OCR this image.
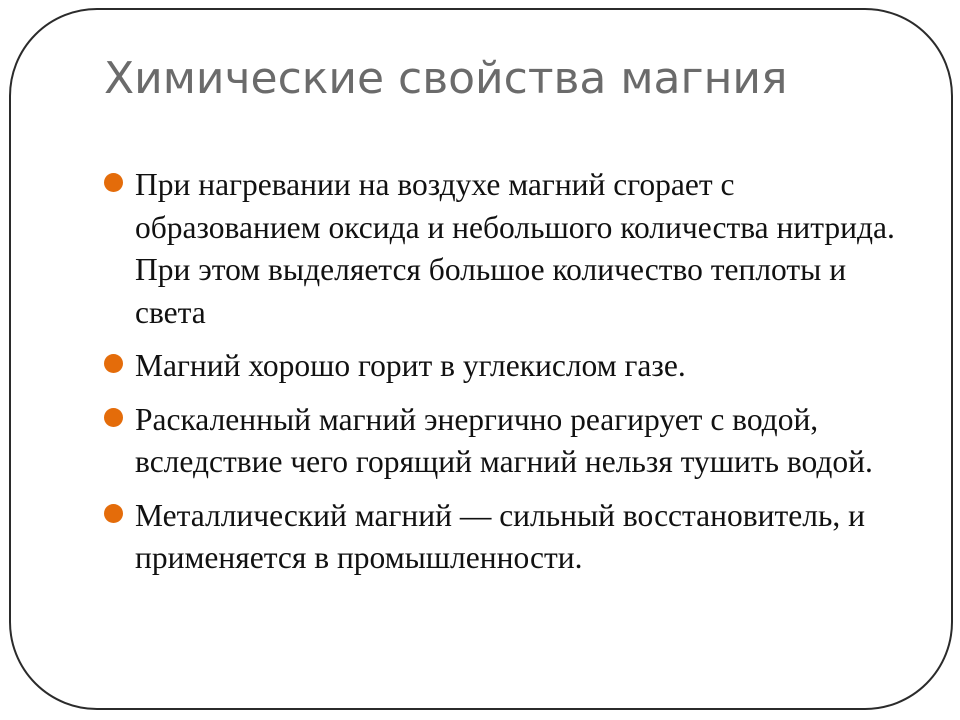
Химические свойства магния
При нагревании на воздухе магний сгорает с образованием оксида и небольшого количества нитрида. При этом выделяется большое количество теплоты и света
Магний хорошо горит в углекислом газе.
Раскаленный магний энергично реагирует с водой, вследствие чего горящий магний нельзя тушить водой.
Металлический магний — сильный восстановитель, и применяется в промышленности.
